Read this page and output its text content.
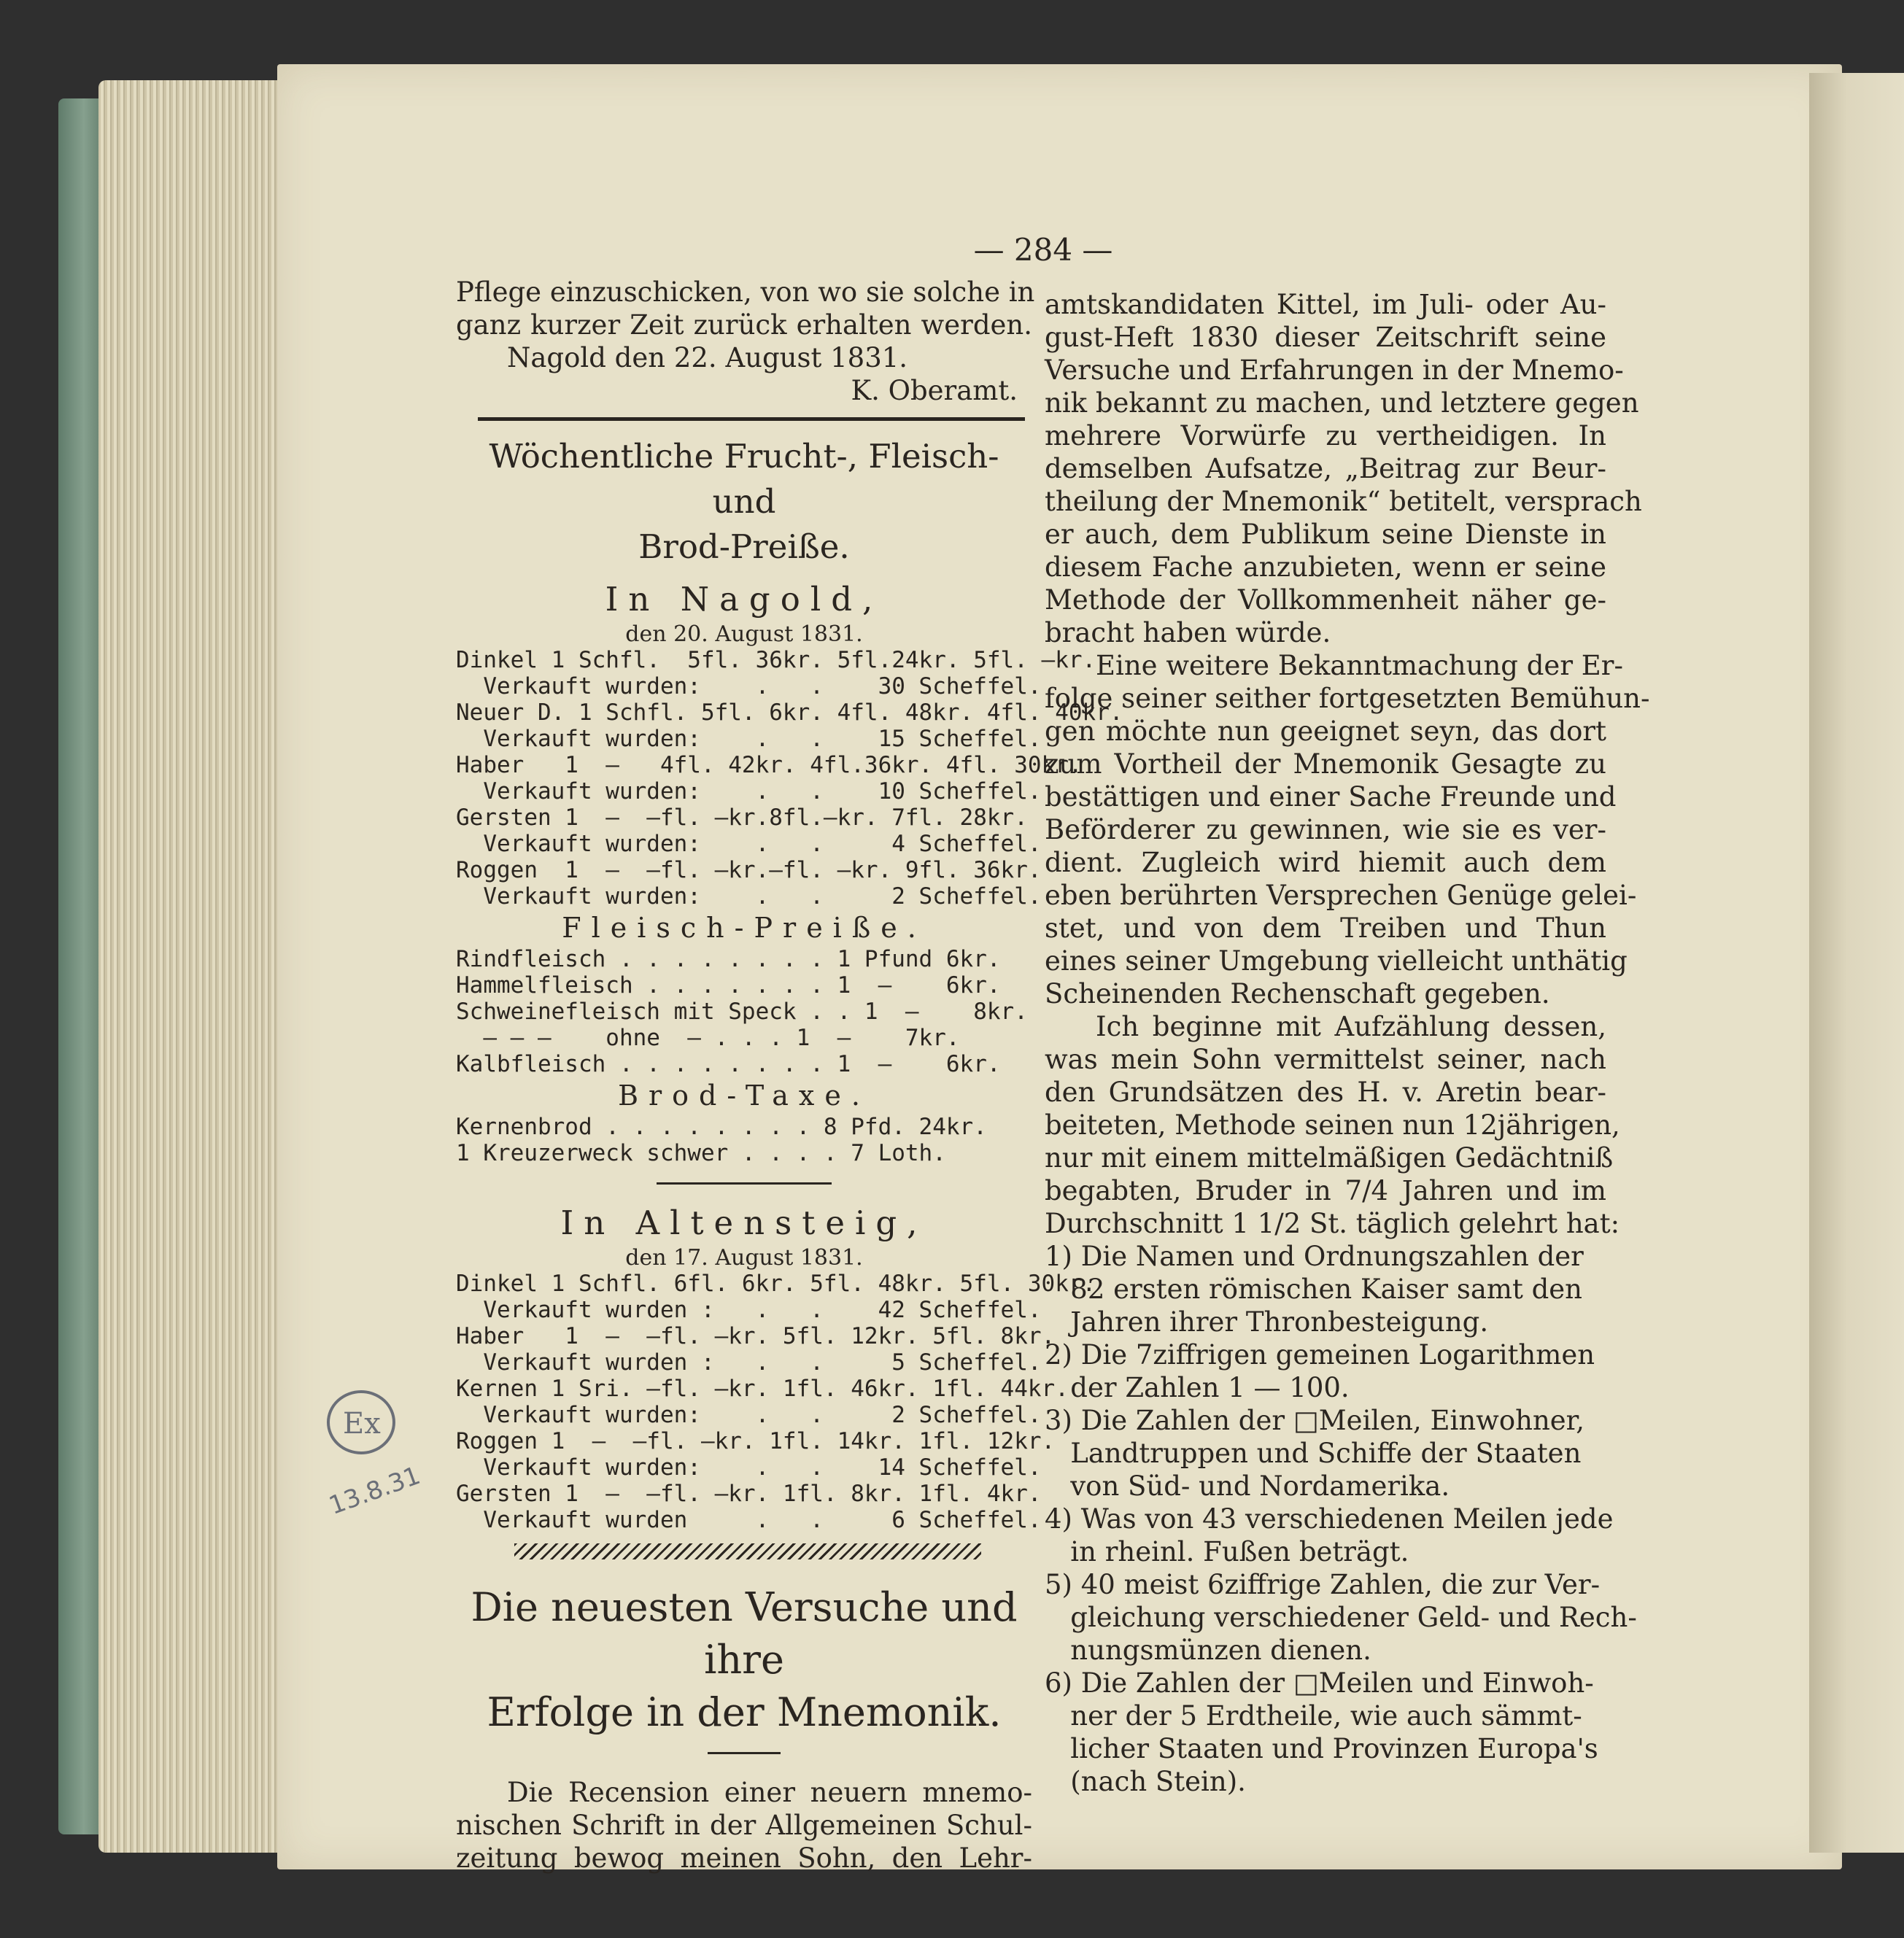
— 284 —
Pflege einzuschicken, von wo sie solche in
ganz kurzer Zeit zurück erhalten werden.
Nagold den 22. August 1831.
K. Oberamt.
Wöchentliche Frucht-, Fleisch- und
Brod-Preiße.
In Nagold,
den 20. August 1831.
Dinkel 1 Schfl.  5fl. 36kr. 5fl.24kr. 5fl. —kr.
Verkauft wurden:    .   .    30 Scheffel.
Neuer D. 1 Schfl. 5fl. 6kr. 4fl. 48kr. 4fl. 40kr.
Verkauft wurden:    .   .    15 Scheffel.
Haber   1  —   4fl. 42kr. 4fl.36kr. 4fl. 30kr.
Verkauft wurden:    .   .    10 Scheffel.
Gersten 1  —  —fl. —kr.8fl.—kr. 7fl. 28kr.
Verkauft wurden:    .   .     4 Scheffel.
Roggen  1  —  —fl. —kr.—fl. —kr. 9fl. 36kr.
Verkauft wurden:    .   .     2 Scheffel.
Fleisch-Preiße.
Rindfleisch . . . . . . . . 1 Pfund 6kr.
Hammelfleisch . . . . . . . 1  —    6kr.
Schweinefleisch mit Speck . . 1  —    8kr.
— — —    ohne  — . . . 1  —    7kr.
Kalbfleisch . . . . . . . . 1  —    6kr.
Brod-Taxe.
Kernenbrod . . . . . . . . 8 Pfd. 24kr.
1 Kreuzerweck schwer . . . . 7 Loth.
In Altensteig,
den 17. August 1831.
Dinkel 1 Schfl. 6fl. 6kr. 5fl. 48kr. 5fl. 30kr.
Verkauft wurden :   .   .    42 Scheffel.
Haber   1  —  —fl. —kr. 5fl. 12kr. 5fl. 8kr.
Verkauft wurden :   .   .     5 Scheffel.
Kernen 1 Sri. —fl. —kr. 1fl. 46kr. 1fl. 44kr.
Verkauft wurden:    .   .     2 Scheffel.
Roggen 1  —  —fl. —kr. 1fl. 14kr. 1fl. 12kr.
Verkauft wurden:    .   .    14 Scheffel.
Gersten 1  —  —fl. —kr. 1fl. 8kr. 1fl. 4kr.
Verkauft wurden     .   .     6 Scheffel.
Die neuesten Versuche und ihre
Erfolge in der Mnemonik.
Die Recension einer neuern mnemo-
nischen Schrift in der Allgemeinen Schul-
zeitung bewog meinen Sohn, den Lehr-
amtskandidaten Kittel, im Juli- oder Au-
gust-Heft 1830 dieser Zeitschrift seine
Versuche und Erfahrungen in der Mnemo-
nik bekannt zu machen, und letztere gegen
mehrere Vorwürfe zu vertheidigen. In
demselben Aufsatze, „Beitrag zur Beur-
theilung der Mnemonik“ betitelt, versprach
er auch, dem Publikum seine Dienste in
diesem Fache anzubieten, wenn er seine
Methode der Vollkommenheit näher ge-
bracht haben würde.
Eine weitere Bekanntmachung der Er-
folge seiner seither fortgesetzten Bemühun-
gen möchte nun geeignet seyn, das dort
zum Vortheil der Mnemonik Gesagte zu
bestättigen und einer Sache Freunde und
Beförderer zu gewinnen, wie sie es ver-
dient. Zugleich wird hiemit auch dem
eben berührten Versprechen Genüge gelei-
stet, und von dem Treiben und Thun
eines seiner Umgebung vielleicht unthätig
Scheinenden Rechenschaft gegeben.
Ich beginne mit Aufzählung dessen,
was mein Sohn vermittelst seiner, nach
den Grundsätzen des H. v. Aretin bear-
beiteten, Methode seinen nun 12jährigen,
nur mit einem mittelmäßigen Gedächtniß
begabten, Bruder in 7/4 Jahren und im
Durchschnitt 1 1/2 St. täglich gelehrt hat:
1) Die Namen und Ordnungszahlen der
82 ersten römischen Kaiser samt den
Jahren ihrer Thronbesteigung.
2) Die 7ziffrigen gemeinen Logarithmen
der Zahlen 1 — 100.
3) Die Zahlen der □Meilen, Einwohner,
Landtruppen und Schiffe der Staaten
von Süd- und Nordamerika.
4) Was von 43 verschiedenen Meilen jede
in rheinl. Fußen beträgt.
5) 40 meist 6ziffrige Zahlen, die zur Ver-
gleichung verschiedener Geld- und Rech-
nungsmünzen dienen.
6) Die Zahlen der □Meilen und Einwoh-
ner der 5 Erdtheile, wie auch sämmt-
licher Staaten und Provinzen Europa's
(nach Stein).
Ex
13.8.31
